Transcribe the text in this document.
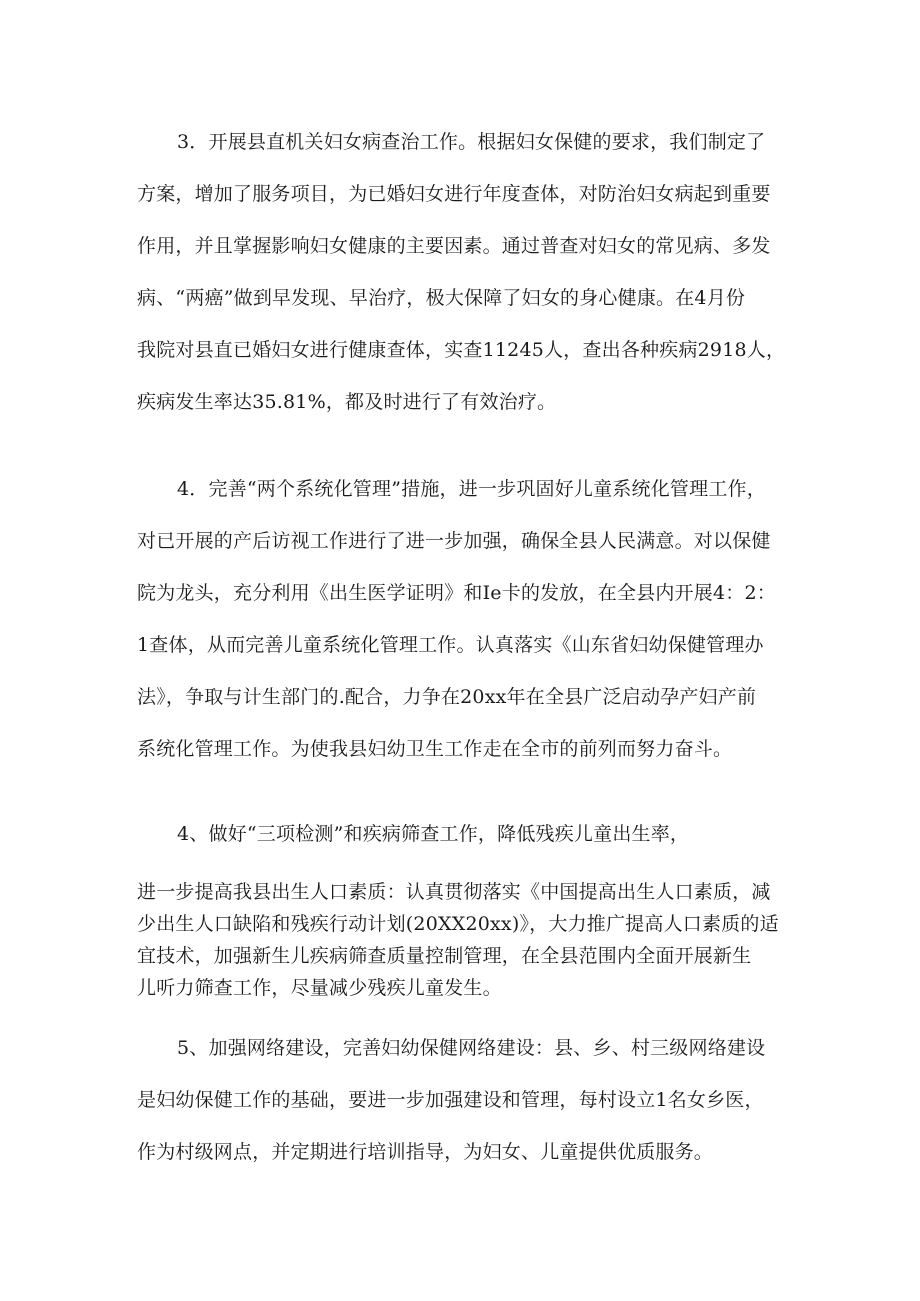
3．开展县直机关妇女病查治工作。根据妇女保健的要求，我们制定了
方案，增加了服务项目，为已婚妇女进行年度查体，对防治妇女病起到重要
作用，并且掌握影响妇女健康的主要因素。通过普查对妇女的常见病、多发
病、“两癌”做到早发现、早治疗，极大保障了妇女的身心健康。在4月份
我院对县直已婚妇女进行健康查体，实查11245人，查出各种疾病2918人，
疾病发生率达35.81%，都及时进行了有效治疗。
4．完善“两个系统化管理”措施，进一步巩固好儿童系统化管理工作，
对已开展的产后访视工作进行了进一步加强，确保全县人民满意。对以保健
院为龙头，充分利用《出生医学证明》和Ie卡的发放，在全县内开展4：2：
1查体，从而完善儿童系统化管理工作。认真落实《山东省妇幼保健管理办
法》，争取与计生部门的.配合，力争在20xx年在全县广泛启动孕产妇产前
系统化管理工作。为使我县妇幼卫生工作走在全市的前列而努力奋斗。
4、做好“三项检测”和疾病筛查工作，降低残疾儿童出生率，
进一步提高我县出生人口素质：认真贯彻落实《中国提高出生人口素质，减
少出生人口缺陷和残疾行动计划(20XX20xx)》，大力推广提高人口素质的适
宜技术，加强新生儿疾病筛查质量控制管理，在全县范围内全面开展新生
儿听力筛查工作，尽量减少残疾儿童发生。
5、加强网络建设，完善妇幼保健网络建设：县、乡、村三级网络建设
是妇幼保健工作的基础，要进一步加强建设和管理，每村设立1名女乡医，
作为村级网点，并定期进行培训指导，为妇女、儿童提供优质服务。
